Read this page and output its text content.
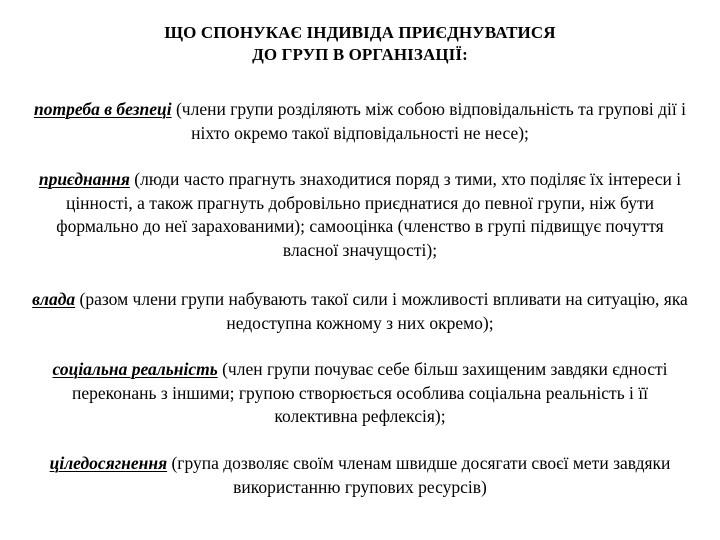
ЩО СПОНУКАЄ ІНДИВІДА ПРИЄДНУВАТИСЯ
ДО ГРУП В ОРГАНІЗАЦІЇ:

потреба в безпеці (члени групи розділяють між собою відповідальність та групові дії і ніхто окремо такої відповідальності не несе);

приєднання (люди часто прагнуть знаходитися поряд з тими, хто поділяє їх інтереси і цінності, а також прагнуть добровільно приєднатися до певної групи, ніж бути формально до неї зарахованими); самооцінка (членство в групі підвищує почуття власної значущості);

влада (разом члени групи набувають такої сили і можливості впливати на ситуацію, яка недоступна кожному з них окремо);

соціальна реальність (член групи почуває себе більш захищеним завдяки єдності переконань з іншими; групою створюється особлива соціальна реальність і її колективна рефлексія);

цiледосягнення (група дозволяє своїм членам швидше досягати своєї мети завдяки використанню групових ресурсів)
